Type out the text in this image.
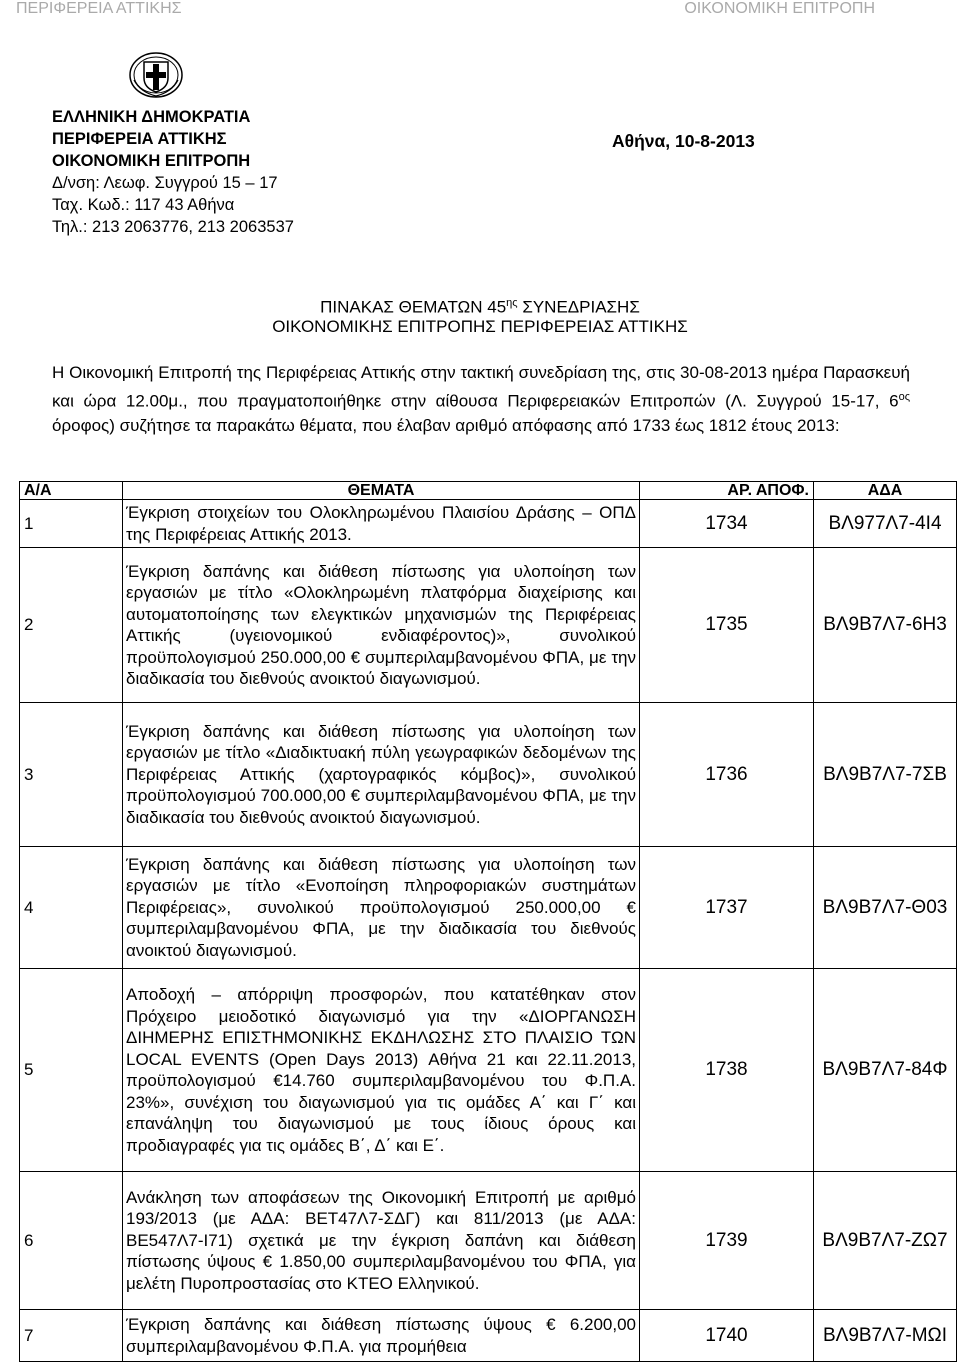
ΠΕΡΙΦΕΡΕΙΑ ΑΤΤΙΚΗΣ	ΟΙΚΟΝΟΜΙΚΗ ΕΠΙΤΡΟΠΗ
ΕΛΛΗΝΙΚΗ ΔΗΜΟΚΡΑΤΙΑ
ΠΕΡΙΦΕΡΕΙΑ ΑΤΤΙΚΗΣ
ΟΙΚΟΝΟΜΙΚΗ ΕΠΙΤΡΟΠΗ
Δ/νση: Λεωφ. Συγγρού 15 – 17
Ταχ. Κωδ.: 117 43 Αθήνα
Τηλ.: 213 2063776, 213 2063537
Αθήνα, 10-8-2013
ΠΙΝΑΚΑΣ ΘΕΜΑΤΩΝ $45^{\eta\varsigma}$ ΣΥΝΕΔΡΙΑΣΗΣ
ΟΙΚΟΝΟΜΙΚΗΣ ΕΠΙΤΡΟΠΗΣ ΠΕΡΙΦΕΡΕΙΑΣ ΑΤΤΙΚΗΣ
Η Οικονομική Επιτροπή της Περιφέρειας Αττικής στην τακτική συνεδρίαση της, στις 30-08-2013 ημέρα Παρασκευή και ώρα 12.00μ., που πραγματοποιήθηκε στην αίθουσα Περιφερειακών Επιτροπών (Λ. Συγγρού 15-17, $6^{o\varsigma}$ όροφος) συζήτησε τα παρακάτω θέματα, που έλαβαν αριθμό απόφασης από 1733 έως 1812 έτους 2013:
Α/Α	ΘΕΜΑΤΑ	ΑΡ. ΑΠΟΦ.	ΑΔΑ
1	Έγκριση στοιχείων του Ολοκληρωμένου Πλαισίου Δράσης – ΟΠΔ της Περιφέρειας Αττικής 2013.	1734	ΒΛ977Λ7-4Ι4
2	Έγκριση δαπάνης και διάθεση πίστωσης για υλοποίηση των εργασιών με τίτλο «Ολοκληρωμένη πλατφόρμα διαχείρισης και αυτοματοποίησης των ελεγκτικών μηχανισμών της Περιφέρειας Αττικής (υγειονομικού ενδιαφέροντος)», συνολικού προϋπολογισμού 250.000,00 € συμπεριλαμβανομένου ΦΠΑ, με την διαδικασία του διεθνούς ανοικτού διαγωνισμού.	1735	ΒΛ9Β7Λ7-6Η3
3	Έγκριση δαπάνης και διάθεση πίστωσης για υλοποίηση των εργασιών με τίτλο «Διαδικτυακή πύλη γεωγραφικών δεδομένων της Περιφέρειας Αττικής (χαρτογραφικός κόμβος)», συνολικού προϋπολογισμού 700.000,00 € συμπεριλαμβανομένου ΦΠΑ, με την διαδικασία του διεθνούς ανοικτού διαγωνισμού.	1736	ΒΛ9Β7Λ7-7ΣΒ
4	Έγκριση δαπάνης και διάθεση πίστωσης για υλοποίηση των εργασιών με τίτλο «Ενοποίηση πληροφοριακών συστημάτων Περιφέρειας», συνολικού προϋπολογισμού 250.000,00 € συμπεριλαμβανομένου ΦΠΑ, με την διαδικασία του διεθνούς ανοικτού διαγωνισμού.	1737	ΒΛ9Β7Λ7-Θ03
5	Αποδοχή – απόρριψη προσφορών, που κατατέθηκαν στον Πρόχειρο μειοδοτικό διαγωνισμό για την «ΔΙΟΡΓΑΝΩΣΗ ΔΙΗΜΕΡΗΣ ΕΠΙΣΤΗΜΟΝΙΚΗΣ ΕΚΔΗΛΩΣΗΣ ΣΤΟ ΠΛΑΙΣΙΟ ΤΩΝ LOCAL EVENTS (Open Days 2013) Αθήνα 21 και 22.11.2013, προϋπολογισμού €14.760 συμπεριλαμβανομένου του Φ.Π.Α. 23%», συνέχιση του διαγωνισμού για τις ομάδες Α΄ και Γ΄ και επανάληψη του διαγωνισμού με τους ίδιους όρους και προδιαγραφές για τις ομάδες Β΄, Δ΄ και Ε΄.	1738	ΒΛ9Β7Λ7-84Φ
6	Ανάκληση των αποφάσεων της Οικονομική Επιτροπή με αριθμό 193/2013 (με ΑΔΑ: ΒΕΤ47Λ7-ΣΔΓ) και 811/2013 (με ΑΔΑ: ΒΕ547Λ7-Ι71) σχετικά με την έγκριση δαπάνη και διάθεση πίστωσης ύψους € 1.850,00 συμπεριλαμβανομένου του ΦΠΑ, για μελέτη Πυροπροστασίας στο ΚΤΕΟ Ελληνικού.	1739	ΒΛ9Β7Λ7-ΖΩ7
7	Έγκριση δαπάνης και διάθεση πίστωσης ύψους € 6.200,00 συμπεριλαμβανομένου Φ.Π.Α. για προμήθεια	1740	ΒΛ9Β7Λ7-ΜΩΙ
